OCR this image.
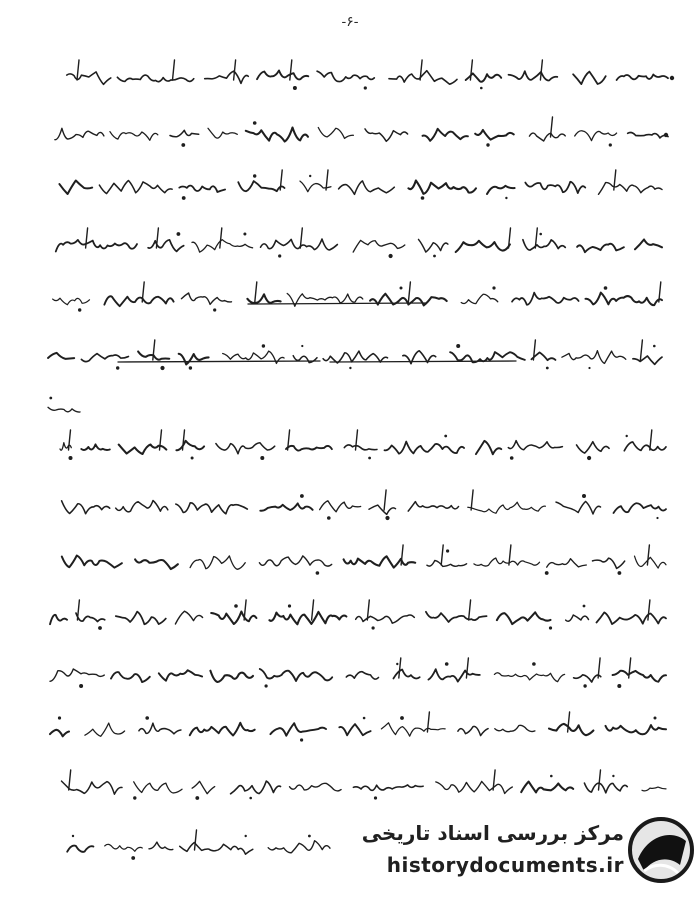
-۶-
مرکز بررسی اسناد تاریخی
historydocuments.ir
